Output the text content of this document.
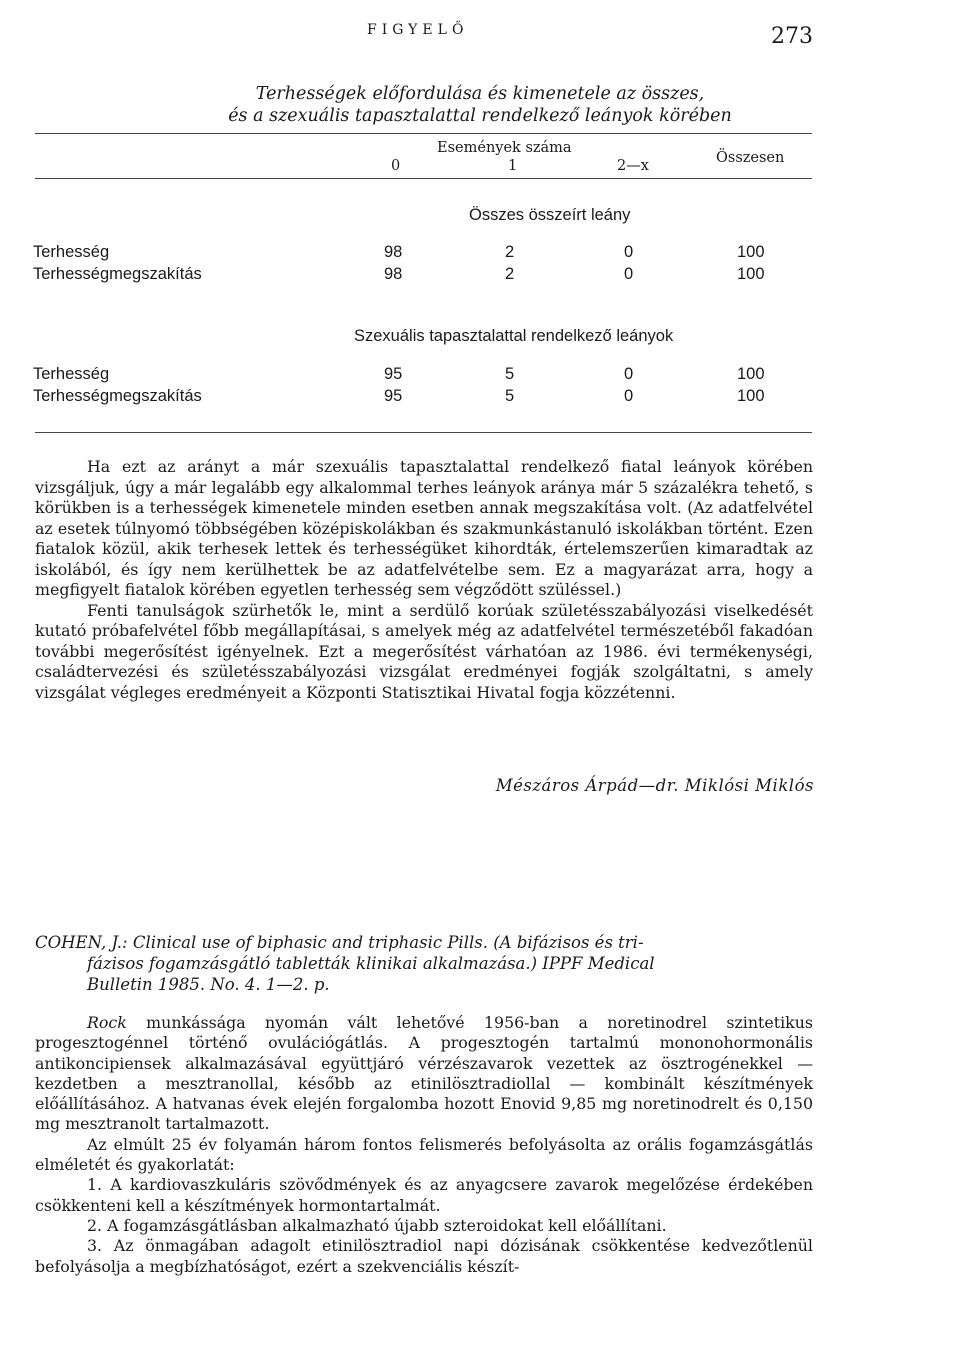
FIGYELŐ	273
Terhességek előfordulása és kimenetele az összes,
és a szexuális tapasztalattal rendelkező leányok körében
Események száma
0	1	2—x	Összesen
Összes összeírt leány
Terhesség	98	2	0	100
Terhességmegszakítás	98	2	0	100
Szexuális tapasztalattal rendelkező leányok
Terhesség	95	5	0	100
Terhességmegszakítás	95	5	0	100

Ha ezt az arányt a már szexuális tapasztalattal rendelkező fiatal leányok körében vizsgáljuk, úgy a már legalább egy alkalommal terhes leányok aránya már 5 százalékra tehető, s körükben is a terhességek kimenetele minden esetben annak megszakítása volt. (Az adatfelvétel az esetek túlnyomó többségében középiskolákban és szakmunkástanuló iskolákban történt. Ezen fiatalok közül, akik terhesek lettek és terhességüket kihordták, értelemszerűen kimaradtak az iskolából, és így nem kerülhettek be az adatfelvételbe sem. Ez a magyarázat arra, hogy a megfigyelt fiatalok körében egyetlen terhesség sem végződött szüléssel.)

Fenti tanulságok szürhetők le, mint a serdülő korúak születésszabályozási viselkedését kutató próbafelvétel főbb megállapításai, s amelyek még az adatfelvétel természetéből fakadóan további megerősítést igényelnek. Ezt a megerősítést várhatóan az 1986. évi termékenységi, családtervezési és születésszabályozási vizsgálat eredményei fogják szolgáltatni, s amely vizsgálat végleges eredményeit a Központi Statisztikai Hivatal fogja közzétenni.

Mészáros Árpád—dr. Miklósi Miklós
COHEN, J.: Clinical use of biphasic and triphasic Pills. (A bifázisos és tri-
fázisos fogamzásgátló tabletták klinikai alkalmazása.) IPPF Medical
Bulletin 1985. No. 4. 1—2. p.

Rock munkássága nyomán vált lehetővé 1956-ban a noretinodrel szintetikus progesztogénnel történő ovulációgátlás. A progesztogén tartalmú mononohormonális antikoncipiensek alkalmazásával együttjáró vérzészavarok vezettek az ösztrogénekkel — kezdetben a mesztranollal, később az etinilösztradiollal — kombinált készítmények előállításához. A hatvanas évek elején forgalomba hozott Enovid 9,85 mg noretinodrelt és 0,150 mg mesztranolt tartalmazott.

Az elmúlt 25 év folyamán három fontos felismerés befolyásolta az orális fogamzásgátlás elméletét és gyakorlatát:

1. A kardiovaszkuláris szövődmények és az anyagcsere zavarok megelőzése érdekében csökkenteni kell a készítmények hormontartalmát.

2. A fogamzásgátlásban alkalmazható újabb szteroidokat kell előállítani.

3. Az önmagában adagolt etinilösztradiol napi dózisának csökkentése kedvezőtlenül befolyásolja a megbízhatóságot, ezért a szekvenciális készít-
